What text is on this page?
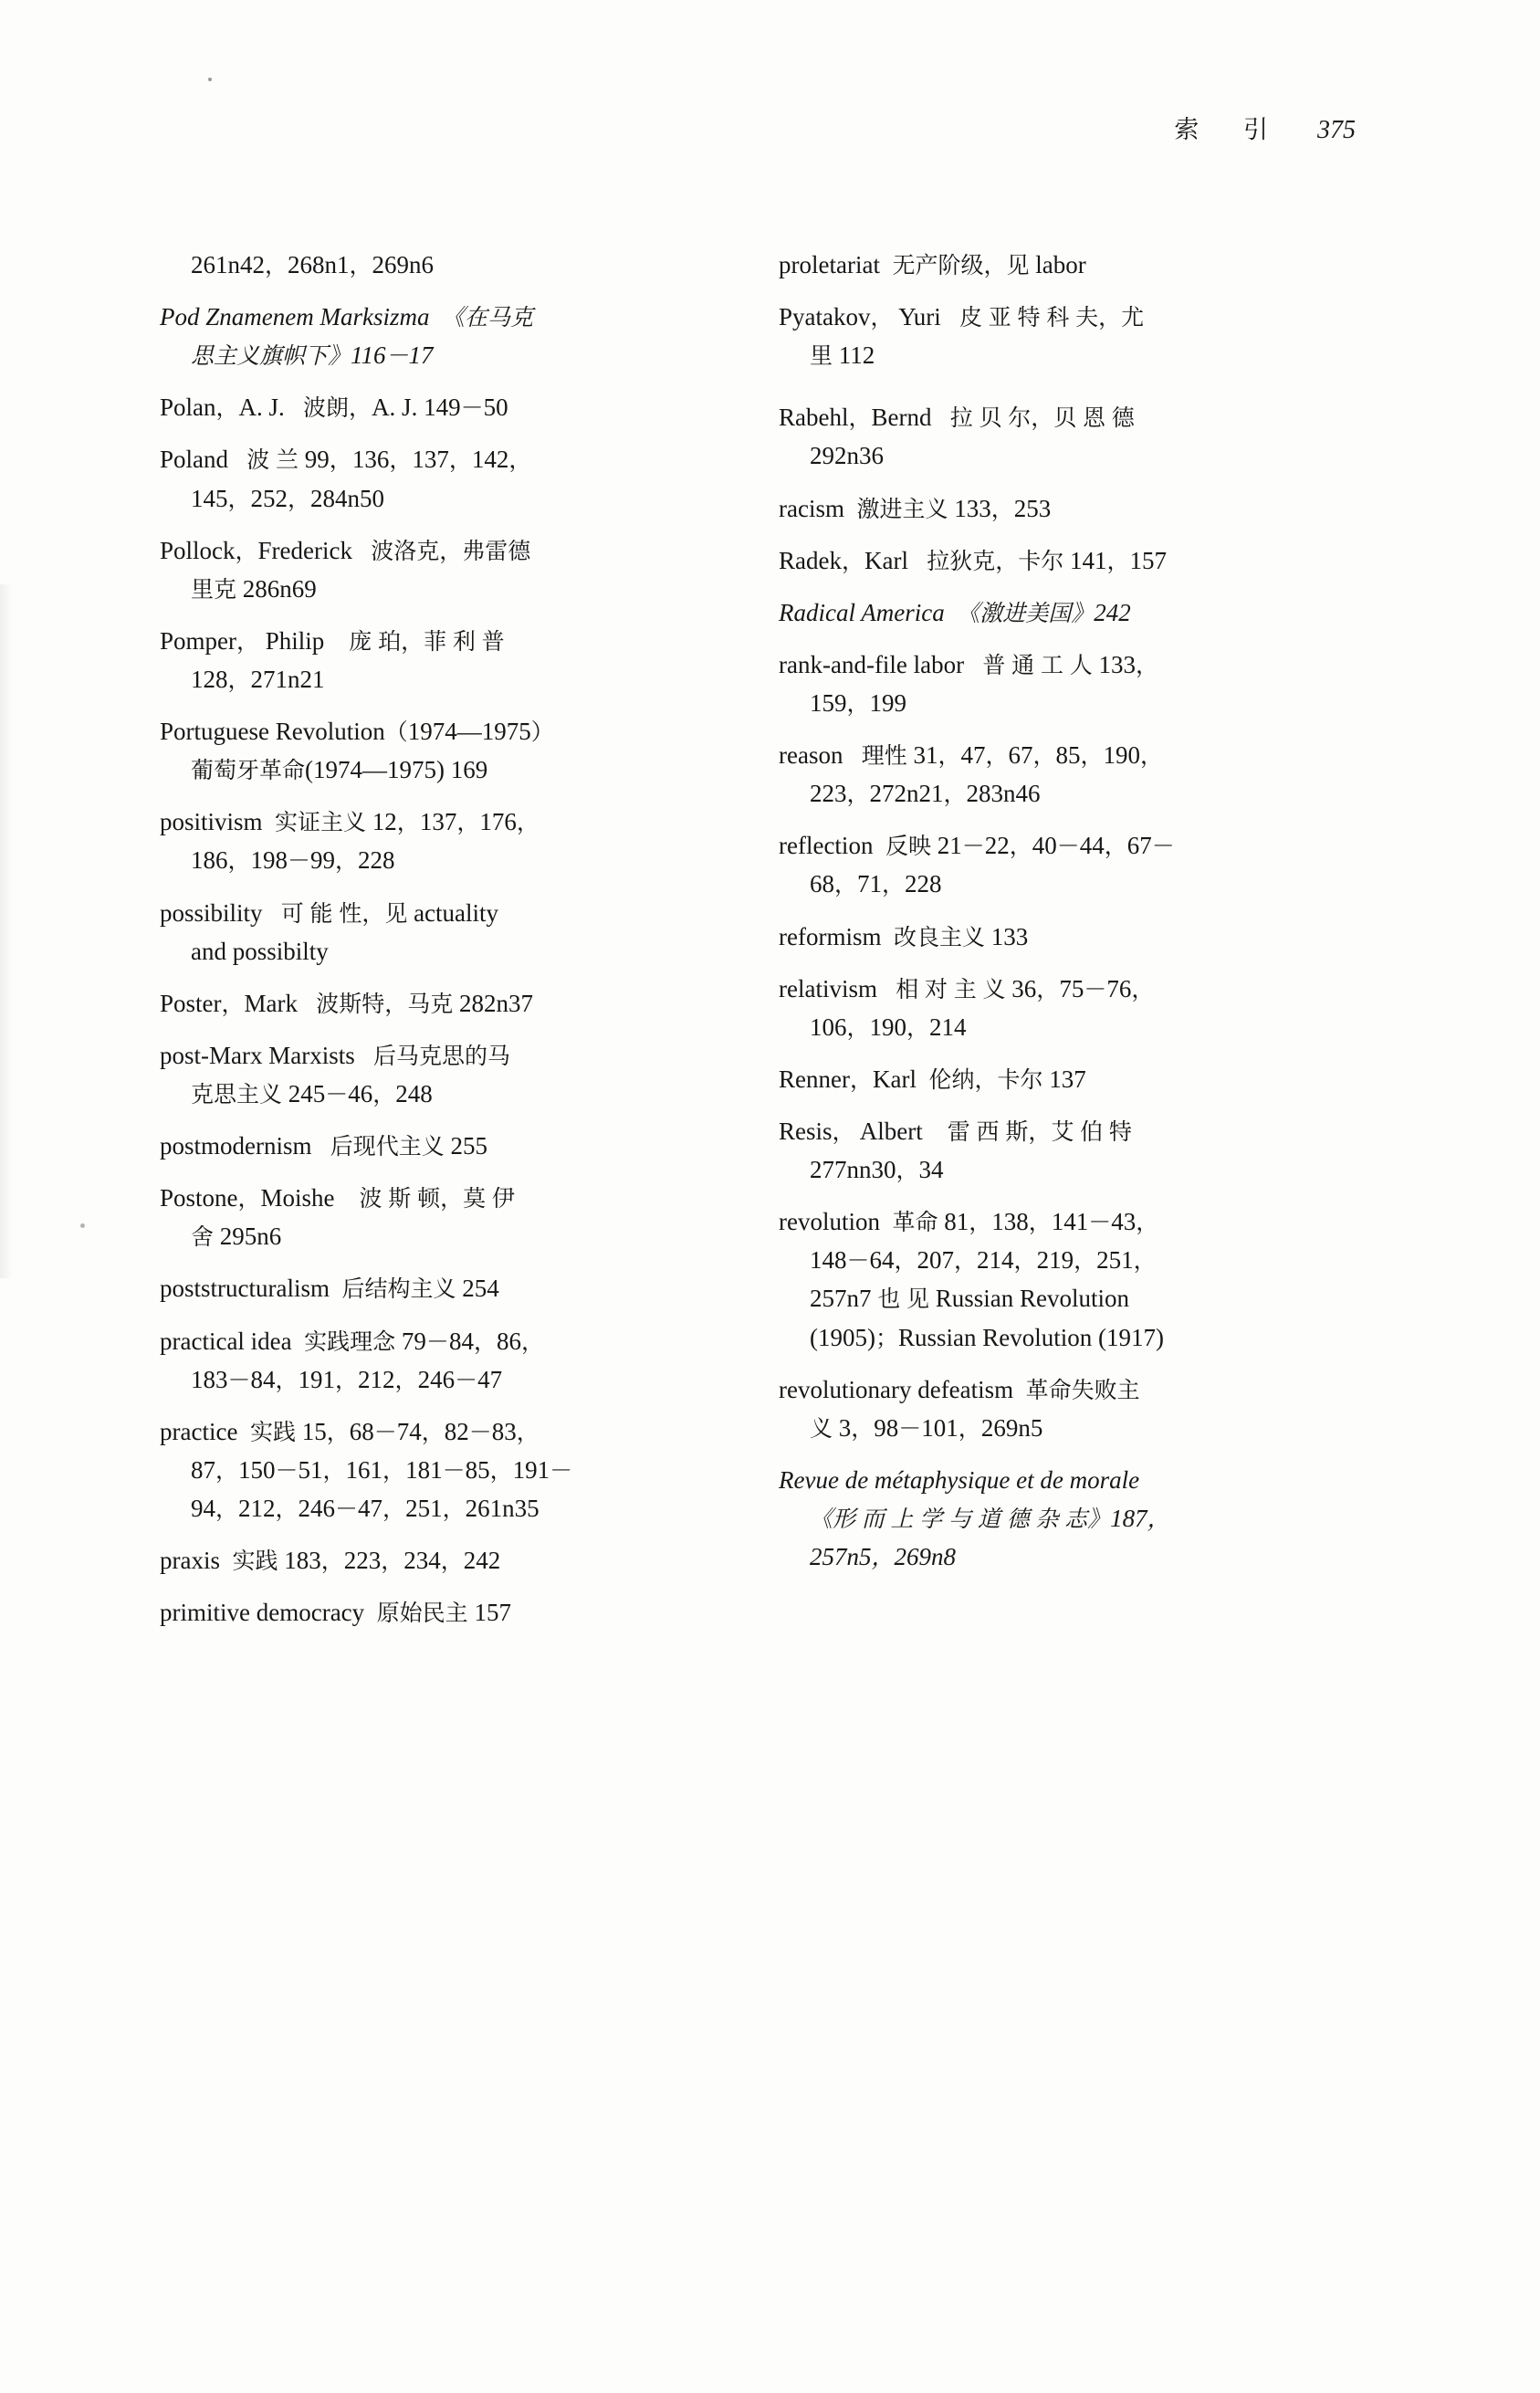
索 引 375
261n42，268n1，269n6
Pod Znamenem Marksizma  《在马克
思主义旗帜下》116－17
Polan，A. J.   波朗，A. J. 149－50
Poland   波 兰 99，136，137，142，
145，252，284n50
Pollock，Frederick   波洛克，弗雷德
里克 286n69
Pomper， Philip    庞 珀，菲 利 普
128，271n21
Portuguese Revolution（1974—1975）
葡萄牙革命(1974—1975) 169
positivism  实证主义 12，137，176，
186，198－99，228
possibility   可 能 性，见 actuality
and possibilty
Poster，Mark   波斯特，马克 282n37
post-Marx Marxists   后马克思的马
克思主义 245－46，248
postmodernism   后现代主义 255
Postone，Moishe    波 斯 顿，莫 伊
舍 295n6
poststructuralism  后结构主义 254
practical idea  实践理念 79－84，86，
183－84，191，212，246－47
practice  实践 15，68－74，82－83，
87，150－51，161，181－85，191－
94，212，246－47，251，261n35
praxis  实践 183，223，234，242
primitive democracy  原始民主 157
proletariat  无产阶级，见 labor
Pyatakov， Yuri   皮 亚 特 科 夫，尤
里 112
Rabehl，Bernd   拉 贝 尔，贝 恩 德
292n36
racism  激进主义 133，253
Radek，Karl   拉狄克，卡尔 141，157
Radical America  《激进美国》242
rank-and-file labor   普 通 工 人 133，
159，199
reason   理性 31，47，67，85，190，
223，272n21，283n46
reflection  反映 21－22，40－44，67－
68，71，228
reformism  改良主义 133
relativism   相 对 主 义 36，75－76，
106，190，214
Renner，Karl  伦纳，卡尔 137
Resis， Albert    雷 西 斯，艾 伯 特
277nn30，34
revolution  革命 81，138，141－43，
148－64，207，214，219，251，
257n7 也 见 Russian Revolution
(1905)；Russian Revolution (1917)
revolutionary defeatism  革命失败主
义 3，98－101，269n5
Revue de métaphysique et de morale
《形 而 上 学 与 道 德 杂 志》187，
257n5，269n8
